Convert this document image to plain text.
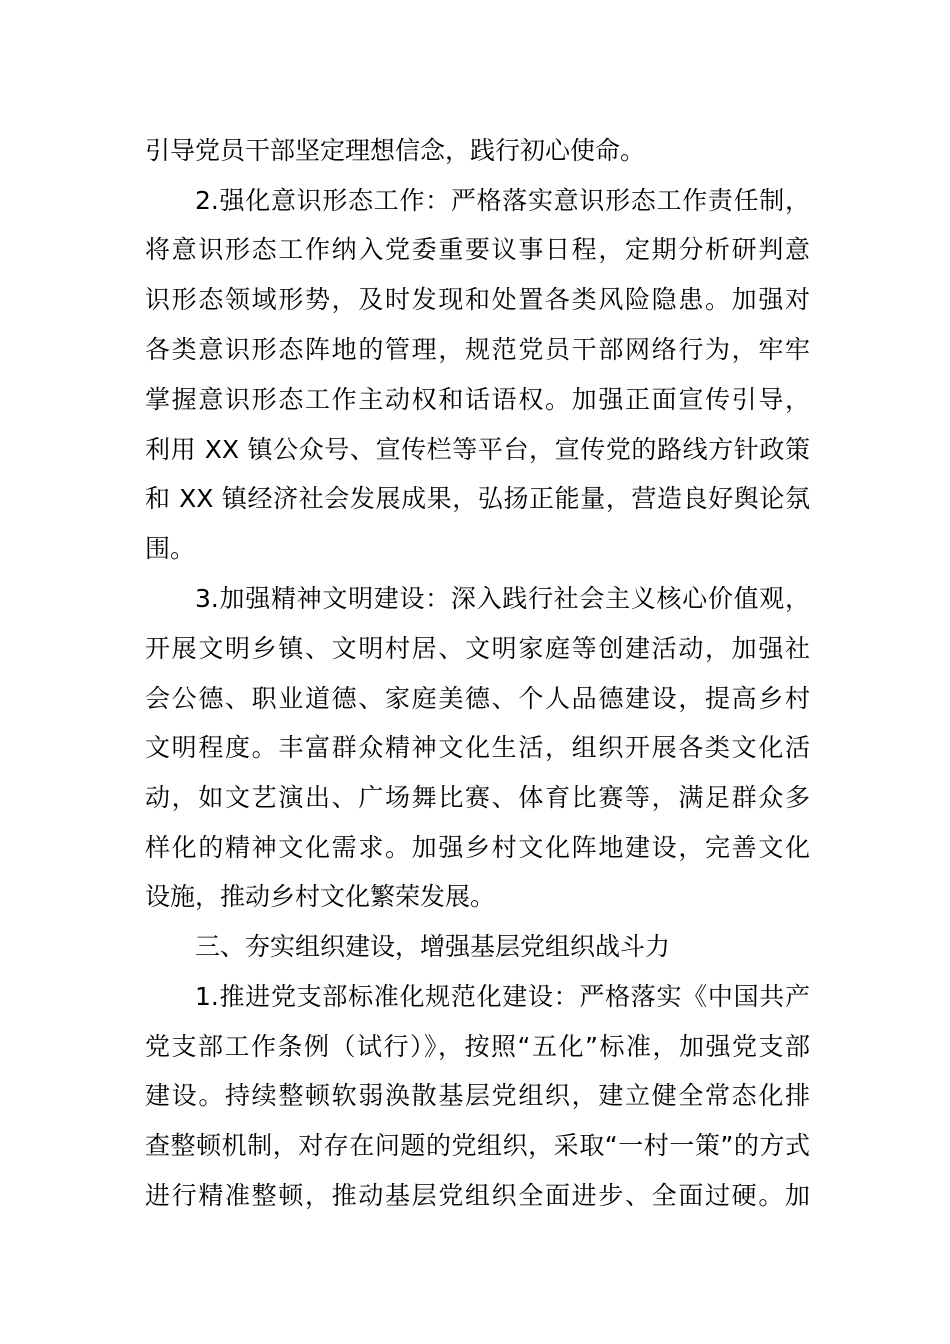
引导党员干部坚定理想信念，践行初心使命。
2.强化意识形态工作：严格落实意识形态工作责任制，
将意识形态工作纳入党委重要议事日程，定期分析研判意
识形态领域形势，及时发现和处置各类风险隐患。加强对
各类意识形态阵地的管理，规范党员干部网络行为，牢牢
掌握意识形态工作主动权和话语权。加强正面宣传引导，
利用 XX 镇公众号、宣传栏等平台，宣传党的路线方针政策
和 XX 镇经济社会发展成果，弘扬正能量，营造良好舆论氛
围。
3.加强精神文明建设：深入践行社会主义核心价值观，
开展文明乡镇、文明村居、文明家庭等创建活动，加强社
会公德、职业道德、家庭美德、个人品德建设，提高乡村
文明程度。丰富群众精神文化生活，组织开展各类文化活
动，如文艺演出、广场舞比赛、体育比赛等，满足群众多
样化的精神文化需求。加强乡村文化阵地建设，完善文化
设施，推动乡村文化繁荣发展。
三、夯实组织建设，增强基层党组织战斗力
1.推进党支部标准化规范化建设：严格落实《中国共产
党支部工作条例（试行）》，按照“五化”标准，加强党支部
建设。持续整顿软弱涣散基层党组织，建立健全常态化排
查整顿机制，对存在问题的党组织，采取“一村一策”的方式
进行精准整顿，推动基层党组织全面进步、全面过硬。加
